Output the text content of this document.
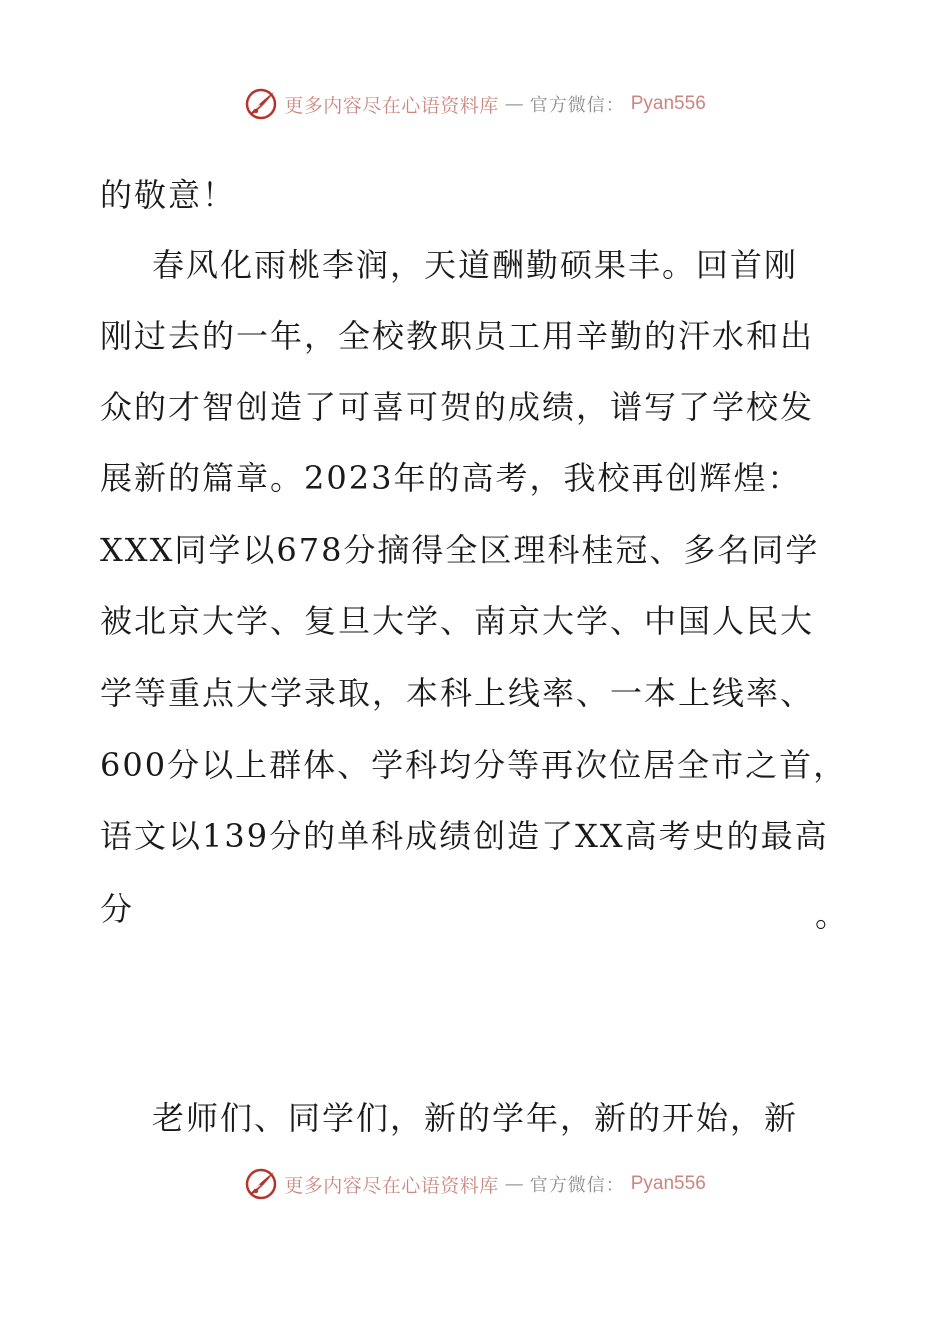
更多内容尽在心语资料库 — 官方微信： Pyan556
的敬意！
春风化雨桃李润，天道酬勤硕果丰。回首刚
刚过去的一年，全校教职员工用辛勤的汗水和出
众的才智创造了可喜可贺的成绩，谱写了学校发
展新的篇章。2023年的高考，我校再创辉煌：
XXX同学以678分摘得全区理科桂冠、多名同学
被北京大学、复旦大学、南京大学、中国人民大
学等重点大学录取，本科上线率、一本上线率、
600分以上群体、学科均分等再次位居全市之首，
语文以139分的单科成绩创造了XX高考史的最高
分	。
老师们、同学们，新的学年，新的开始，新
更多内容尽在心语资料库 — 官方微信： Pyan556
